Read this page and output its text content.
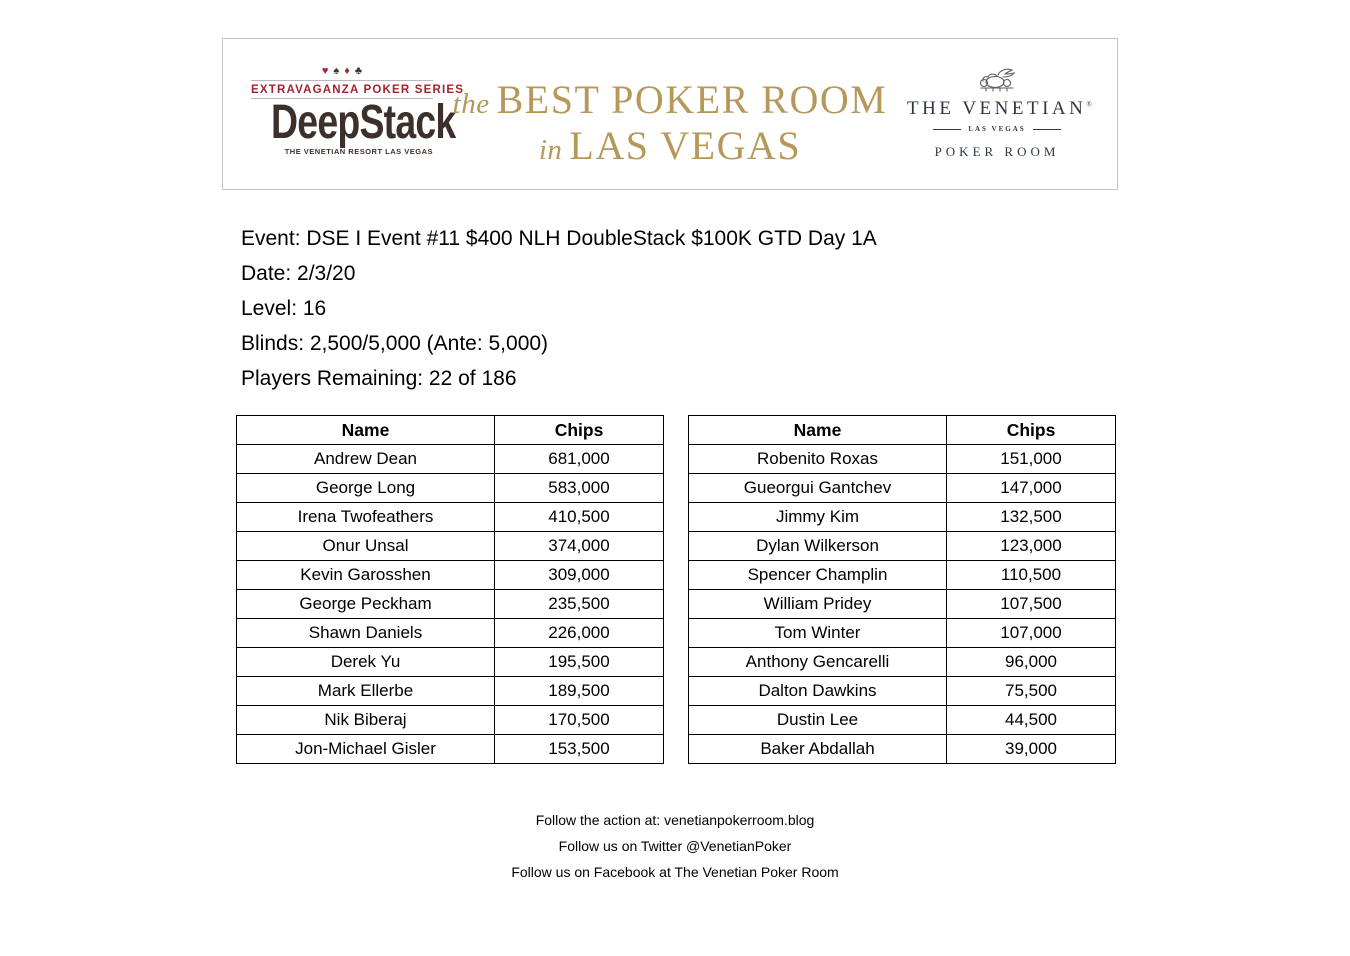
♥♠♦♣
EXTRAVAGANZA POKER SERIES
DeepStack
THE VENETIAN RESORT LAS VEGAS
the BEST POKER ROOM
in LAS VEGAS
THE VENETIAN®
LAS VEGAS
POKER ROOM
Event: DSE I Event #11 $400 NLH DoubleStack $100K GTD Day 1A
Date: 2/3/20
Level: 16
Blinds: 2,500/5,000 (Ante: 5,000)
Players Remaining: 22 of 186
Name	Chips
Andrew Dean	681,000
George Long	583,000
Irena Twofeathers	410,500
Onur Unsal	374,000
Kevin Garosshen	309,000
George Peckham	235,500
Shawn Daniels	226,000
Derek Yu	195,500
Mark Ellerbe	189,500
Nik Biberaj	170,500
Jon-Michael Gisler	153,500
Name	Chips
Robenito Roxas	151,000
Gueorgui Gantchev	147,000
Jimmy Kim	132,500
Dylan Wilkerson	123,000
Spencer Champlin	110,500
William Pridey	107,500
Tom Winter	107,000
Anthony Gencarelli	96,000
Dalton Dawkins	75,500
Dustin Lee	44,500
Baker Abdallah	39,000
Follow the action at: venetianpokerroom.blog
Follow us on Twitter @VenetianPoker
Follow us on Facebook at The Venetian Poker Room
